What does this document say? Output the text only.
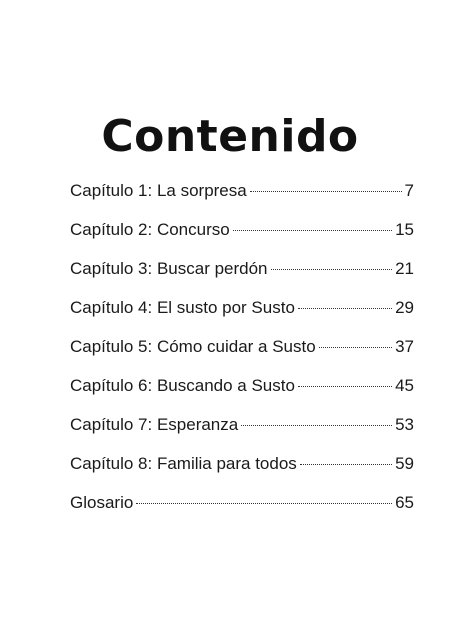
Contenido
Capítulo 1: La sorpresa	7
Capítulo 2: Concurso	15
Capítulo 3: Buscar perdón	21
Capítulo 4: El susto por Susto	29
Capítulo 5: Cómo cuidar a Susto	37
Capítulo 6: Buscando a Susto	45
Capítulo 7: Esperanza	53
Capítulo 8: Familia para todos	59
Glosario	65
